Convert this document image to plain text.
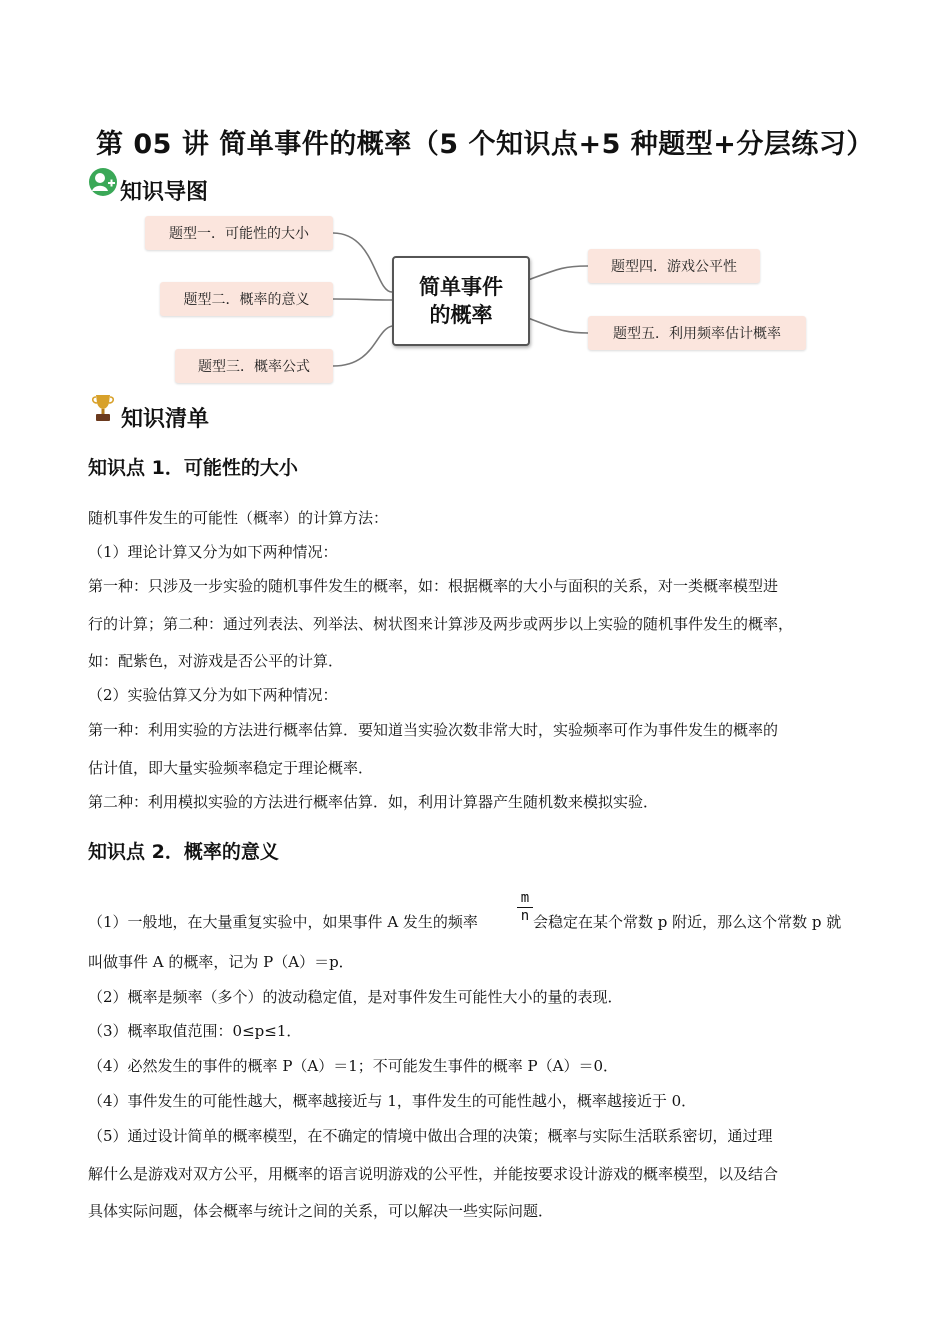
第 05 讲 简单事件的概率（5 个知识点+5 种题型+分层练习）
知识导图
题型一．可能性的大小
题型二．概率的意义
题型三．概率公式
题型四．游戏公平性
题型五．利用频率估计概率
简单事件
的概率
知识清单
知识点 1．可能性的大小
随机事件发生的可能性（概率）的计算方法：
（1）理论计算又分为如下两种情况：
第一种：只涉及一步实验的随机事件发生的概率，如：根据概率的大小与面积的关系，对一类概率模型进
行的计算；第二种：通过列表法、列举法、树状图来计算涉及两步或两步以上实验的随机事件发生的概率，
如：配紫色，对游戏是否公平的计算．
（2）实验估算又分为如下两种情况：
第一种：利用实验的方法进行概率估算．要知道当实验次数非常大时，实验频率可作为事件发生的概率的
估计值，即大量实验频率稳定于理论概率．
第二种：利用模拟实验的方法进行概率估算．如，利用计算器产生随机数来模拟实验．
知识点 2．概率的意义
（1）一般地，在大量重复实验中，如果事件 A 发生的频率	$\frac{m}{n}$ 会稳定在某个常数 p 附近，那么这个常数 p 就
叫做事件 A 的概率，记为 P（A）＝p．
（2）概率是频率（多个）的波动稳定值，是对事件发生可能性大小的量的表现．
（3）概率取值范围：0≤p≤1．
（4）必然发生的事件的概率 P（A）＝1；不可能发生事件的概率 P（A）＝0．
（4）事件发生的可能性越大，概率越接近与 1，事件发生的可能性越小，概率越接近于 0．
（5）通过设计简单的概率模型，在不确定的情境中做出合理的决策；概率与实际生活联系密切，通过理
解什么是游戏对双方公平，用概率的语言说明游戏的公平性，并能按要求设计游戏的概率模型，以及结合
具体实际问题，体会概率与统计之间的关系，可以解决一些实际问题．
